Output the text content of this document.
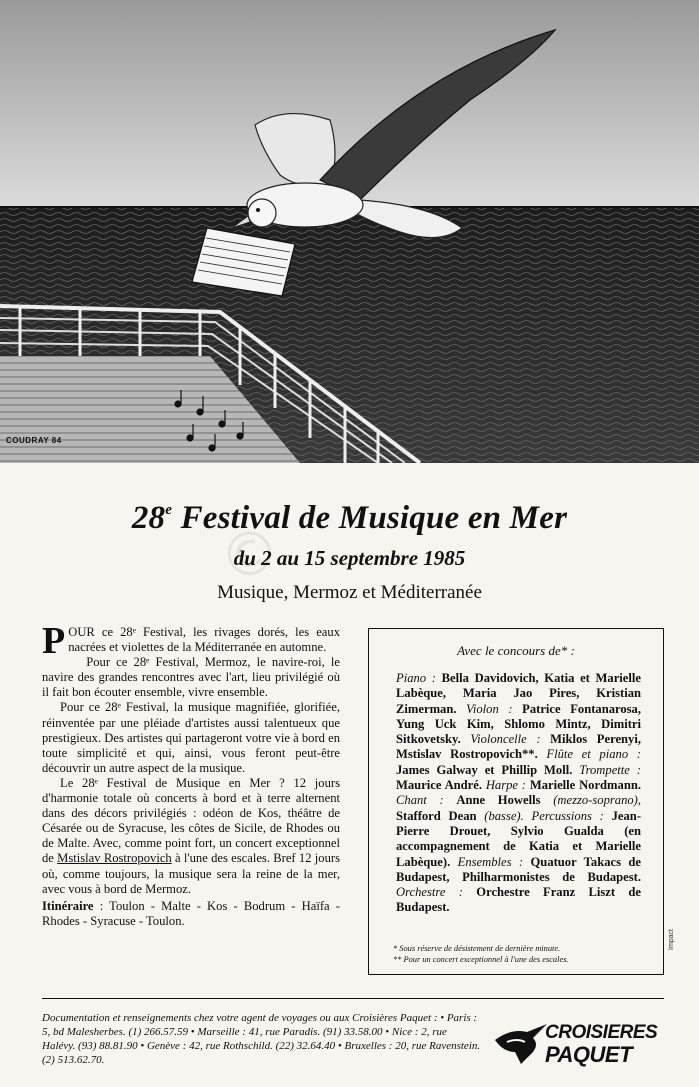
COUDRAY 84
©
28e Festival de Musique en Mer
du 2 au 15 septembre 1985
Musique, Mermoz et Méditerranée

POUR ce 28ᵉ Festival, les rivages dorés, les eaux nacrées et violettes de la Méditerranée en automne.

Pour ce 28ᵉ Festival, Mermoz, le navire-roi, le navire des grandes rencontres avec l'art, lieu privilégié où il fait bon écouter ensemble, vivre ensemble.

Pour ce 28ᵉ Festival, la musique magnifiée, glorifiée, réinventée par une pléiade d'artistes aussi talentueux que prestigieux. Des artistes qui partageront votre vie à bord en toute simplicité et qui, ainsi, vous feront peut-être découvrir un autre aspect de la musique.

Le 28ᵉ Festival de Musique en Mer ? 12 jours d'harmonie totale où concerts à bord et à terre alternent dans des décors privilégiés : odéon de Kos, théâtre de Césarée ou de Syracuse, les côtes de Sicile, de Rhodes ou de Malte. Avec, comme point fort, un concert exceptionnel de Mstislav Rostropovich à l'une des escales. Bref 12 jours où, comme toujours, la musique sera la reine de la mer, avec vous à bord de Mermoz.

Itinéraire : Toulon - Malte - Kos - Bodrum - Haïfa - Rhodes - Syracuse - Toulon.

Avec le concours de* :
Piano : Bella Davidovich, Katia et Marielle Labèque, Maria Jao Pires, Kristian Zimerman. Violon : Patrice Fontanarosa, Yung Uck Kim, Shlomo Mintz, Dimitri Sitkovetsky. Violoncelle : Miklos Perenyi, Mstislav Rostropovich**. Flûte et piano : James Galway et Phillip Moll. Trompette : Maurice André. Harpe : Marielle Nordmann. Chant : Anne Howells (mezzo-soprano), Stafford Dean (basse). Percussions : Jean-Pierre Drouet, Sylvio Gualda (en accompagnement de Katia et Marielle Labèque). Ensembles : Quatuor Takacs de Budapest, Philharmonistes de Budapest. Orchestre : Orchestre Franz Liszt de Budapest.
* Sous réserve de désistement de dernière minute.
** Pour un concert exceptionnel à l'une des escales.
Impact
Documentation et renseignements chez votre agent de voyages ou aux Croisières Paquet : • Paris : 5, bd Malesherbes. (1) 266.57.59 • Marseille : 41, rue Paradis. (91) 33.58.00 • Nice : 2, rue Halévy. (93) 88.81.90 • Genève : 42, rue Rothschild. (22) 32.64.40 • Bruxelles : 20, rue Ravenstein. (2) 513.62.70.
CROISIERES
PAQUET
